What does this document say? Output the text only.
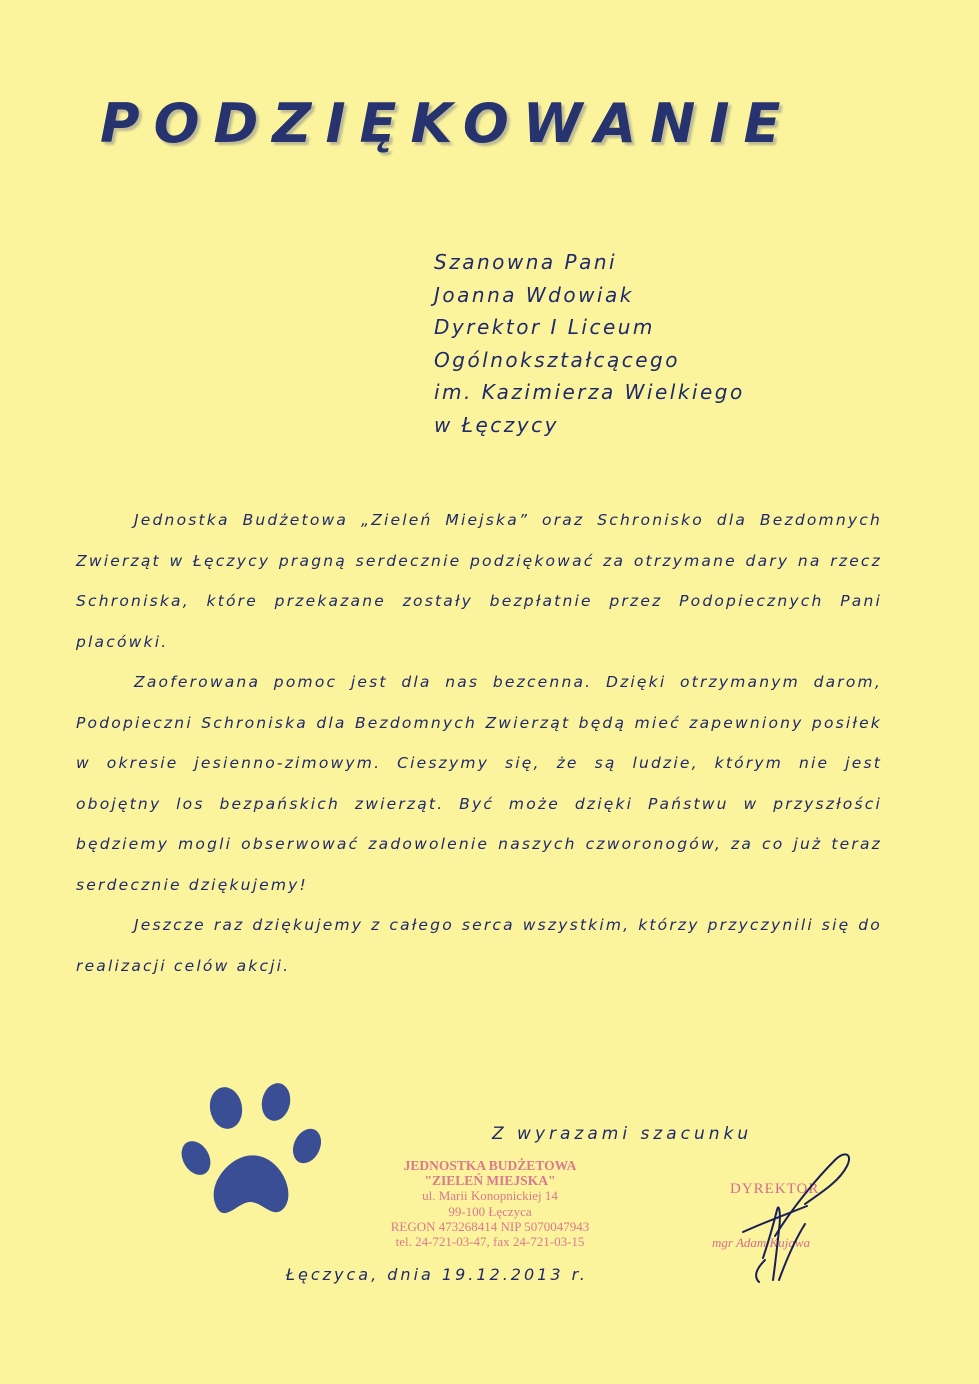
PODZIĘKOWANIE
Szanowna Pani
Joanna Wdowiak
Dyrektor I Liceum
Ogólnokształcącego
im. Kazimierza Wielkiego
w Łęczycy

Jednostka Budżetowa „Zieleń Miejska” oraz Schronisko dla Bezdomnych Zwierząt w Łęczycy pragną serdecznie podziękować za otrzymane dary na rzecz Schroniska, które przekazane zostały bezpłatnie przez Podopiecznych Pani placówki.

Zaoferowana pomoc jest dla nas bezcenna. Dzięki otrzymanym darom, Podopieczni Schroniska dla Bezdomnych Zwierząt będą mieć zapewniony posiłek w okresie jesienno-zimowym. Cieszymy się, że są ludzie, którym nie jest obojętny los bezpańskich zwierząt. Być może dzięki Państwu w przyszłości będziemy mogli obserwować zadowolenie naszych czworonogów, za co już teraz serdecznie dziękujemy!

Jeszcze raz dziękujemy z całego serca wszystkim, którzy przyczynili się do realizacji celów akcji.

Z wyrazami szacunku
JEDNOSTKA BUDŻETOWA
"ZIELEŃ MIEJSKA"
ul. Marii Konopnickiej 14
99-100 Łęczyca
REGON 473268414 NIP 5070047943
tel. 24-721-03-47, fax 24-721-03-15
DYREKTOR
mgr Adam Kujawa
Łęczyca, dnia 19.12.2013 r.
